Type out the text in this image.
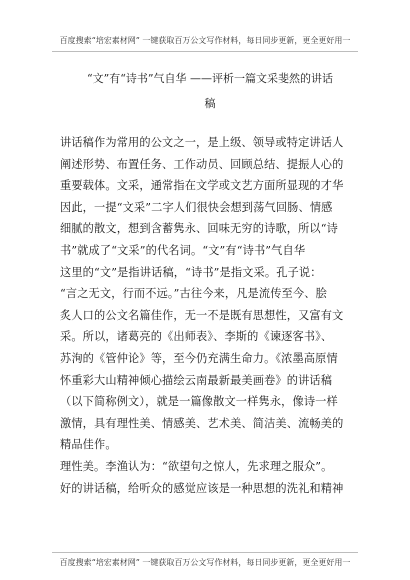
百度搜索“培宏素材网” 一键获取百万公文写作材料，每日同步更新，更全更好用一
“文”有“诗书”气自华 ——评析一篇文采斐然的讲话
稿
讲话稿作为常用的公文之一，是上级、领导或特定讲话人
阐述形势、布置任务、工作动员、回顾总结、提振人心的
重要载体。文采，通常指在文学或文艺方面所显现的才华
因此，一提“文采”二字人们很快会想到荡气回肠、情感
细腻的散文，想到含蓄隽永、回味无穷的诗歌，所以“诗
书”就成了“文采”的代名词。“文”有“诗书”气自华
这里的“文”是指讲话稿，“诗书”是指文采。孔子说：
“言之无文，行而不远。”古往今来，凡是流传至今、脍
炙人口的公文名篇佳作，无一不是既有思想性，又富有文
采。所以，诸葛亮的《出师表》、李斯的《谏逐客书》、
苏洵的《管仲论》等，至今仍充满生命力。《浓墨高原情
怀重彩大山精神倾心描绘云南最新最美画卷》的讲话稿
（以下简称例文），就是一篇像散文一样隽永，像诗一样
激情，具有理性美、情感美、艺术美、简洁美、流畅美的
精品佳作。
理性美。李渔认为：“欲望句之惊人，先求理之服众”。
好的讲话稿，给听众的感觉应该是一种思想的洗礼和精神
百度搜索“培宏素材网” 一键获取百万公文写作材料，每日同步更新，更全更好用一
